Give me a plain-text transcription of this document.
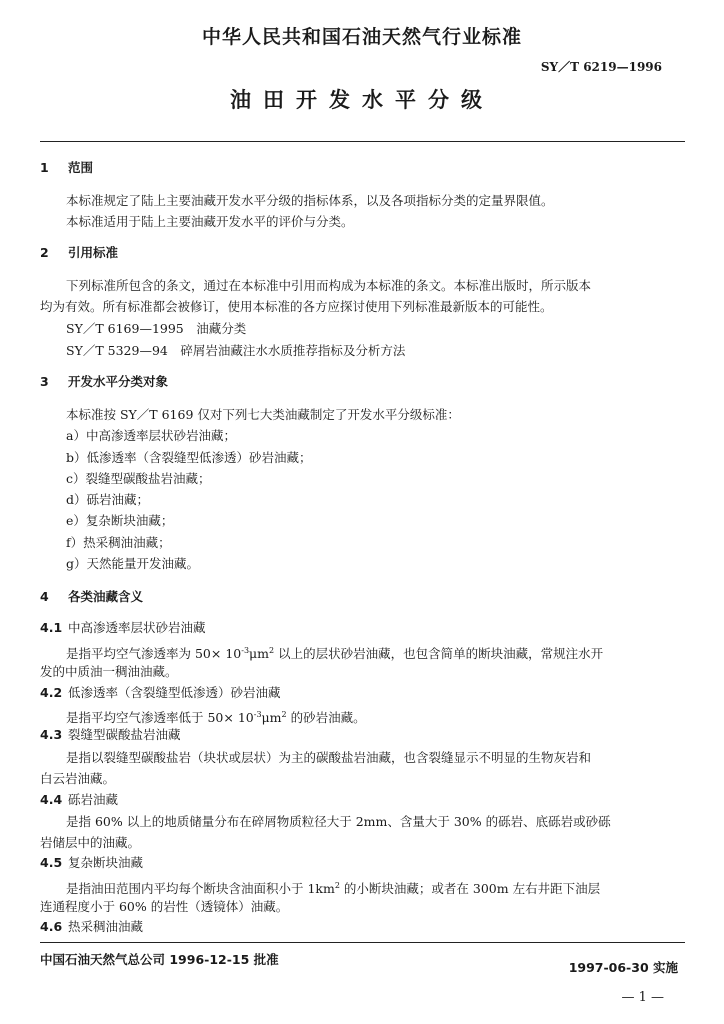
中华人民共和国石油天然气行业标准
SY／T 6219—1996
油田开发水平分级
1 范围
本标准规定了陆上主要油藏开发水平分级的指标体系，以及各项指标分类的定量界限值。
本标准适用于陆上主要油藏开发水平的评价与分类。
2 引用标准
下列标准所包含的条文，通过在本标准中引用而构成为本标准的条文。本标准出版时，所示版本
均为有效。所有标准都会被修订，使用本标准的各方应探讨使用下列标准最新版本的可能性。
SY／T 6169—1995　油藏分类
SY／T 5329—94　碎屑岩油藏注水水质推荐指标及分析方法
3 开发水平分类对象
本标准按 SY／T 6169 仅对下列七大类油藏制定了开发水平分级标准：
a）中高渗透率层状砂岩油藏；
b）低渗透率（含裂缝型低渗透）砂岩油藏；
c）裂缝型碳酸盐岩油藏；
d）砾岩油藏；
e）复杂断块油藏；
f）热采稠油油藏；
g）天然能量开发油藏。
4 各类油藏含义
4.1 中高渗透率层状砂岩油藏
是指平均空气渗透率为 $50\times 10^{-3}\mu m^2$ 以上的层状砂岩油藏，也包含简单的断块油藏，常规注水开
发的中质油一稠油油藏。
4.2 低渗透率（含裂缝型低渗透）砂岩油藏
是指平均空气渗透率低于 $50\times 10^{-3}\mu m^2$ 的砂岩油藏。
4.3 裂缝型碳酸盐岩油藏
是指以裂缝型碳酸盐岩（块状或层状）为主的碳酸盐岩油藏，也含裂缝显示不明显的生物灰岩和
白云岩油藏。
4.4 砾岩油藏
是指 60% 以上的地质储量分布在碎屑物质粒径大于 2mm、含量大于 30% 的砾岩、底砾岩或砂砾
岩储层中的油藏。
4.5 复杂断块油藏
是指油田范围内平均每个断块含油面积小于 $1km^2$ 的小断块油藏；或者在 300m 左右井距下油层
连通程度小于 60% 的岩性（透镜体）油藏。
4.6 热采稠油油藏
中国石油天然气总公司 1996-12-15 批准
1997-06-30 实施
— 1 —
